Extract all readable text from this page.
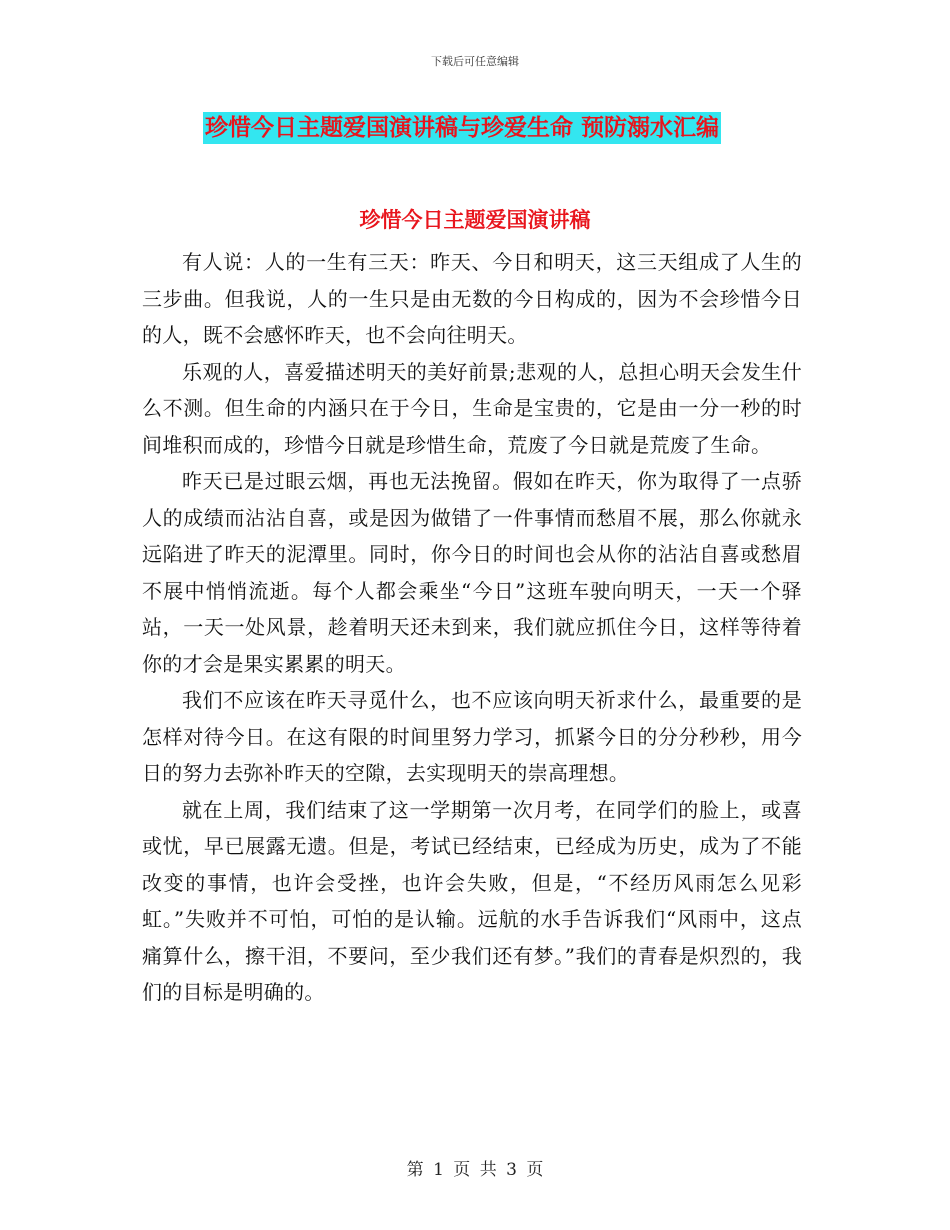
下载后可任意编辑
珍惜今日主题爱国演讲稿与珍爱生命 预防溺水汇编
珍惜今日主题爱国演讲稿

有人说：人的一生有三天：昨天、今日和明天，这三天组成了人生的三步曲。但我说，人的一生只是由无数的今日构成的，因为不会珍惜今日的人，既不会感怀昨天，也不会向往明天。

乐观的人，喜爱描述明天的美好前景;悲观的人，总担心明天会发生什么不测。但生命的内涵只在于今日，生命是宝贵的，它是由一分一秒的时间堆积而成的，珍惜今日就是珍惜生命，荒废了今日就是荒废了生命。

昨天已是过眼云烟，再也无法挽留。假如在昨天，你为取得了一点骄人的成绩而沾沾自喜，或是因为做错了一件事情而愁眉不展，那么你就永远陷进了昨天的泥潭里。同时，你今日的时间也会从你的沾沾自喜或愁眉不展中悄悄流逝。每个人都会乘坐“今日”这班车驶向明天，一天一个驿站，一天一处风景，趁着明天还未到来，我们就应抓住今日，这样等待着你的才会是果实累累的明天。

我们不应该在昨天寻觅什么，也不应该向明天祈求什么，最重要的是怎样对待今日。在这有限的时间里努力学习，抓紧今日的分分秒秒，用今日的努力去弥补昨天的空隙，去实现明天的崇高理想。

就在上周，我们结束了这一学期第一次月考，在同学们的脸上，或喜或忧，早已展露无遗。但是，考试已经结束，已经成为历史，成为了不能改变的事情，也许会受挫，也许会失败，但是，“不经历风雨怎么见彩虹。”失败并不可怕，可怕的是认输。远航的水手告诉我们“风雨中，这点痛算什么，擦干泪，不要问，至少我们还有梦。”我们的青春是炽烈的，我们的目标是明确的。

第 1 页 共 3 页
